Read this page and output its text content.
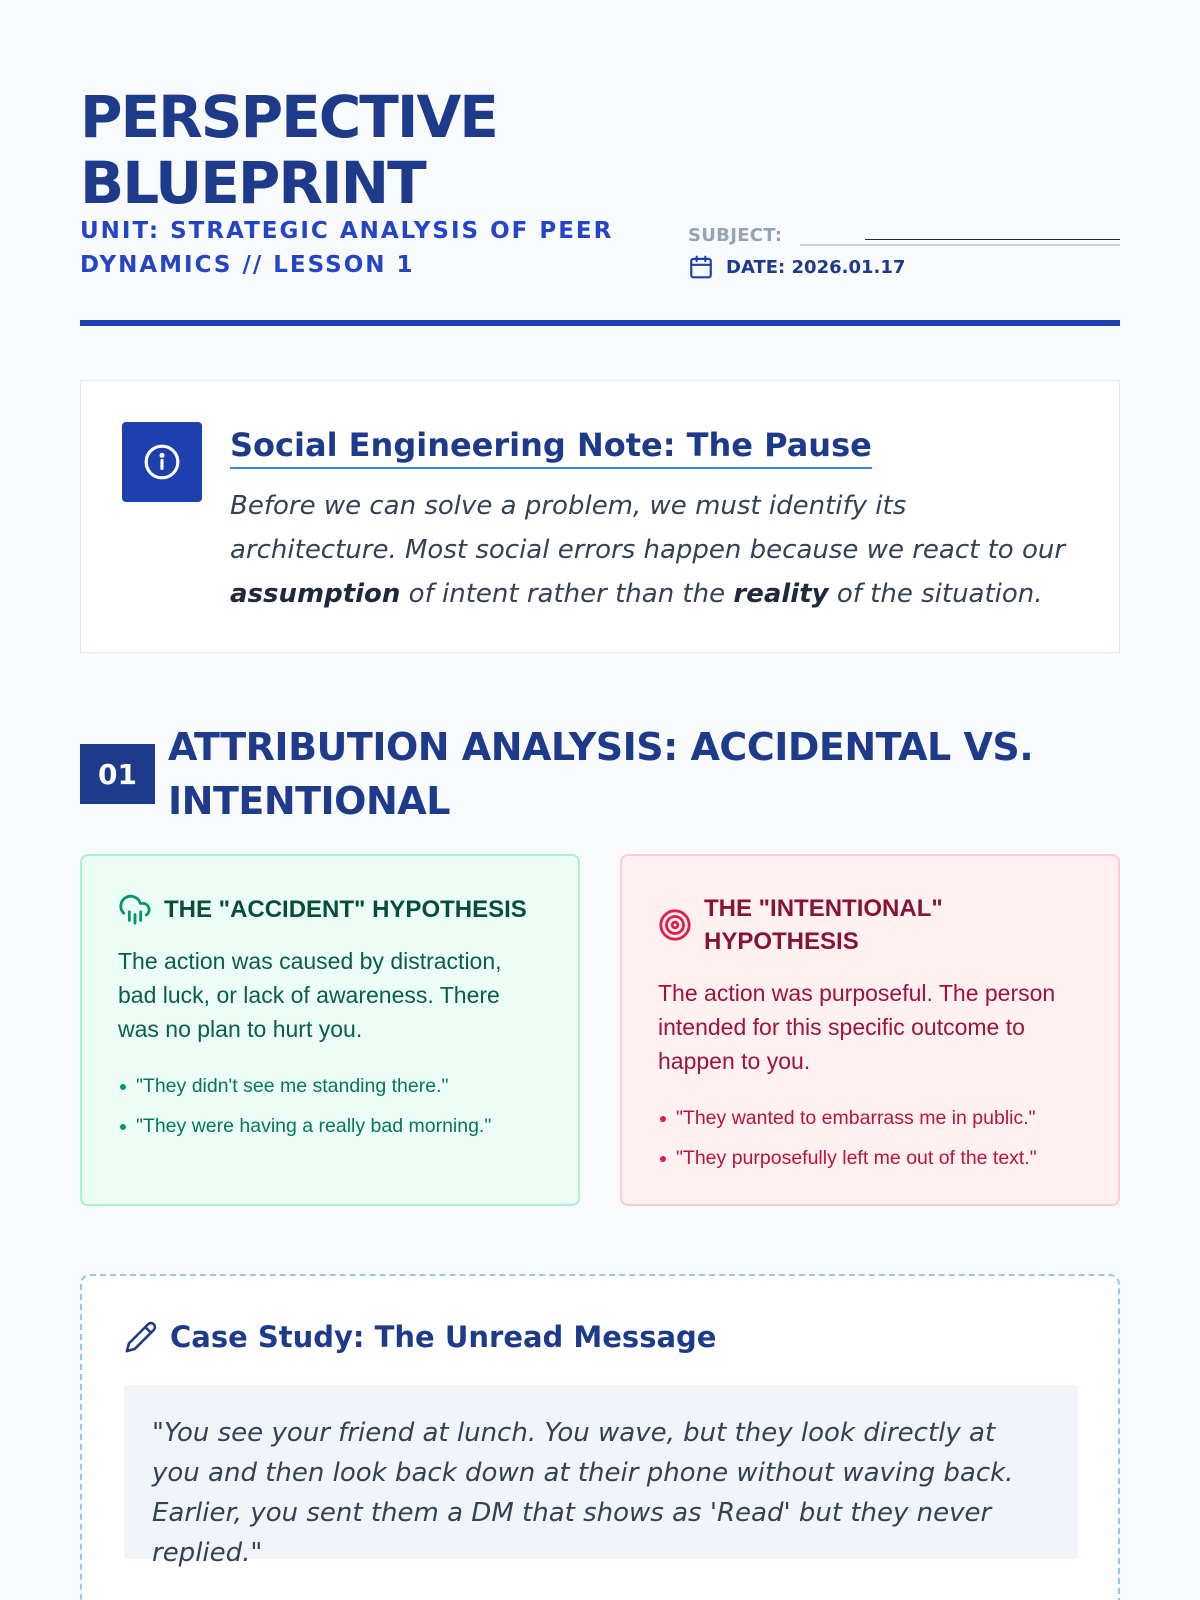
PERSPECTIVE
BLUEPRINT
UNIT: STRATEGIC ANALYSIS OF PEER
DYNAMICS // LESSON 1
SUBJECT:
DATE: 2026.01.17
Social Engineering Note: The Pause

Before we can solve a problem, we must identify its architecture. Most social errors happen because we react to our assumption of intent rather than the reality of the situation.

01
ATTRIBUTION ANALYSIS: ACCIDENTAL VS. INTENTIONAL
THE "ACCIDENT" HYPOTHESIS

The action was caused by distraction, bad luck, or lack of awareness. There was no plan to hurt you.

"They didn't see me standing there."
"They were having a really bad morning."
THE "INTENTIONAL" HYPOTHESIS

The action was purposeful. The person intended for this specific outcome to happen to you.

"They wanted to embarrass me in public."
"They purposefully left me out of the text."
Case Study: The Unread Message
"You see your friend at lunch. You wave, but they look directly at you and then look back down at their phone without waving back. Earlier, you sent them a DM that shows as 'Read' but they never replied."
